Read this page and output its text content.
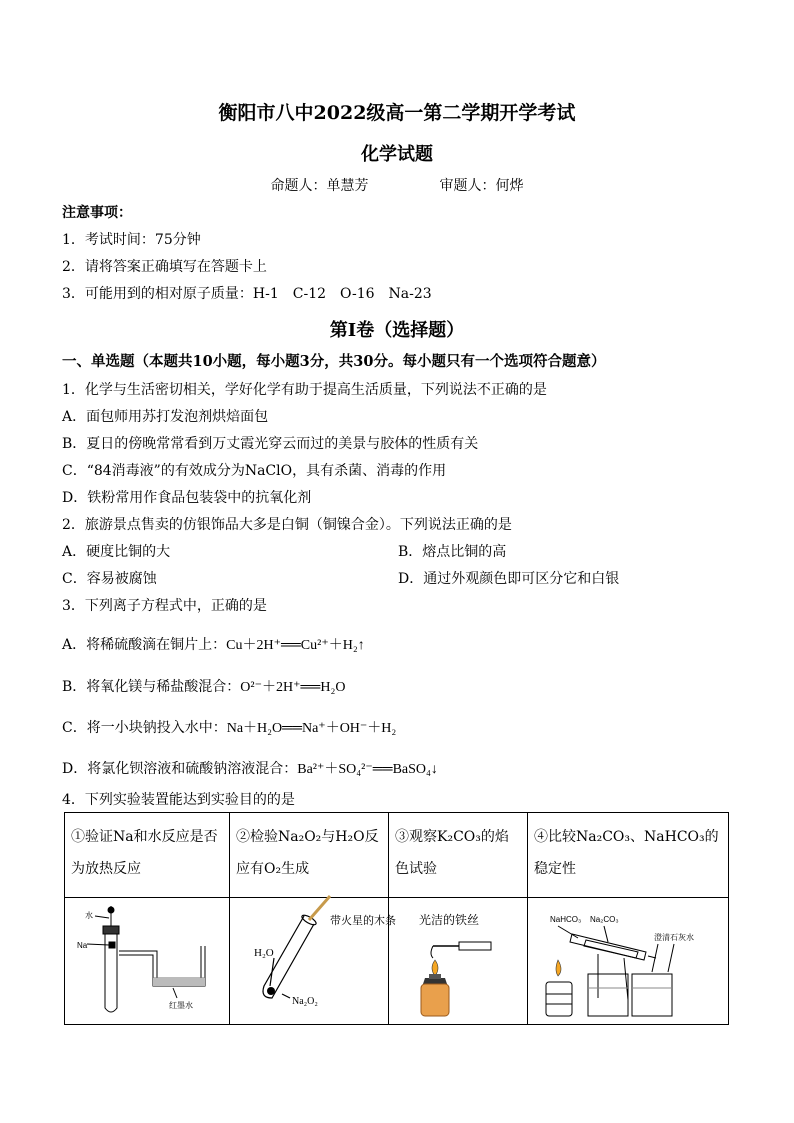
衡阳市八中2022级高一第二学期开学考试
化学试题
命题人：单慧芳	审题人：何烨
注意事项：
1．考试时间：75分钟
2．请将答案正确填写在答题卡上
3．可能用到的相对原子质量：H-1　C-12　O-16　Na-23
第Ⅰ卷（选择题）
一、单选题（本题共10小题，每小题3分，共30分。每小题只有一个选项符合题意）
1．化学与生活密切相关，学好化学有助于提高生活质量，下列说法不正确的是
A．面包师用苏打发泡剂烘焙面包
B．夏日的傍晚常常看到万丈霞光穿云而过的美景与胶体的性质有关
C．“84消毒液”的有效成分为NaClO，具有杀菌、消毒的作用
D．铁粉常用作食品包装袋中的抗氧化剂
2．旅游景点售卖的仿银饰品大多是白铜（铜镍合金）。下列说法正确的是
A．硬度比铜的大	B．熔点比铜的高
C．容易被腐蚀	D．通过外观颜色即可区分它和白银
3．下列离子方程式中，正确的是
A．将稀硫酸滴在铜片上：Cu＋2H⁺══Cu²⁺＋H₂↑
B．将氧化镁与稀盐酸混合：O²⁻＋2H⁺══H₂O
C．将一小块钠投入水中：Na＋H₂O══Na⁺＋OH⁻＋H₂
D．将氯化钡溶液和硫酸钠溶液混合：Ba²⁺＋SO₄²⁻══BaSO₄↓
4．下列实验装置能达到实验目的的是
①验证Na和水反应是否为放热反应	②检验Na₂O₂与H₂O反应有O₂生成	③观察K₂CO₃的焰色试验	④比较Na₂CO₃、NaHCO₃的稳定性

水
Na
红墨水	H₂O
带火星的木条
Na₂O₂	光洁的铁丝	NaHCO₃ Na₂CO₃
澄清石灰水
